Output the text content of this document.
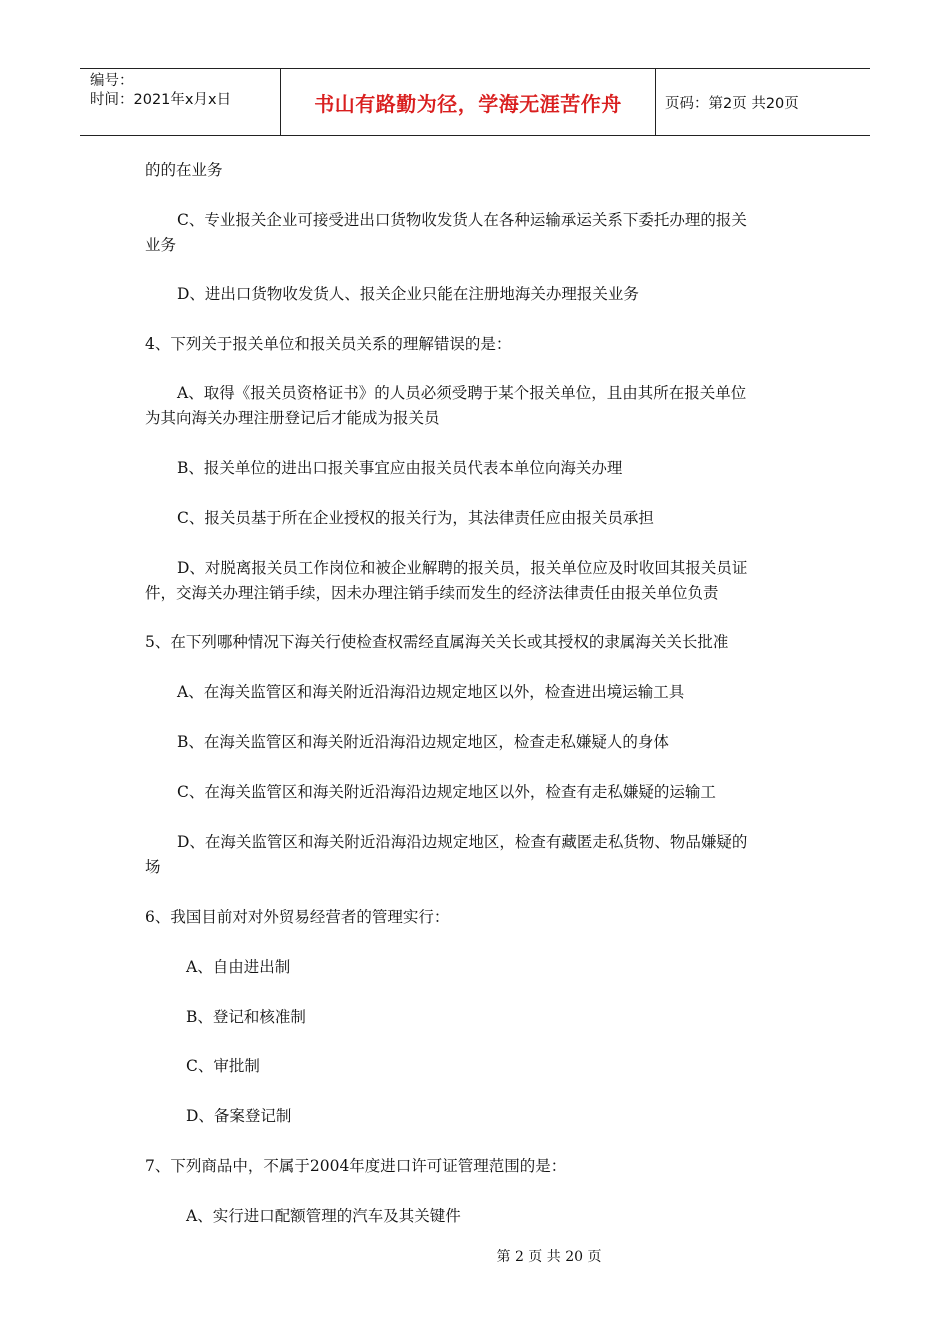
编号：
时间：2021年x月x日	书山有路勤为径，学海无涯苦作舟	页码：第2页 共20页
的的在业务
C、专业报关企业可接受进出口货物收发货人在各种运输承运关系下委托办理的报关
业务
D、进出口货物收发货人、报关企业只能在注册地海关办理报关业务
4、下列关于报关单位和报关员关系的理解错误的是：
A、取得《报关员资格证书》的人员必须受聘于某个报关单位，且由其所在报关单位
为其向海关办理注册登记后才能成为报关员
B、报关单位的进出口报关事宜应由报关员代表本单位向海关办理
C、报关员基于所在企业授权的报关行为，其法律责任应由报关员承担
D、对脱离报关员工作岗位和被企业解聘的报关员，报关单位应及时收回其报关员证
件，交海关办理注销手续，因未办理注销手续而发生的经济法律责任由报关单位负责
5、在下列哪种情况下海关行使检查权需经直属海关关长或其授权的隶属海关关长批准
A、在海关监管区和海关附近沿海沿边规定地区以外，检查进出境运输工具
B、在海关监管区和海关附近沿海沿边规定地区，检查走私嫌疑人的身体
C、在海关监管区和海关附近沿海沿边规定地区以外，检查有走私嫌疑的运输工
D、在海关监管区和海关附近沿海沿边规定地区，检查有藏匿走私货物、物品嫌疑的
场
6、我国目前对对外贸易经营者的管理实行：
A、自由进出制
B、登记和核准制
C、审批制
D、备案登记制
7、下列商品中，不属于2004年度进口许可证管理范围的是：
A、实行进口配额管理的汽车及其关键件
第 2 页 共 20 页
